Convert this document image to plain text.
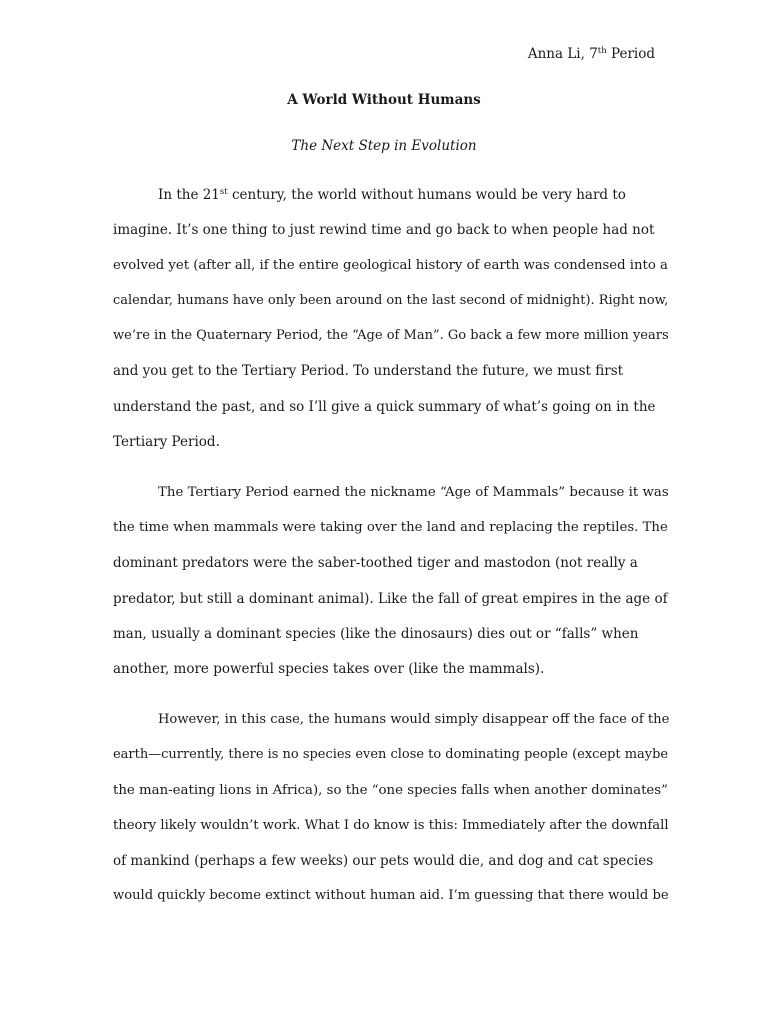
Anna Li, 7th Period
A World Without Humans
The Next Step in Evolution
In the 21st century, the world without humans would be very hard to
imagine. It’s one thing to just rewind time and go back to when people had not
evolved yet (after all, if the entire geological history of earth was condensed into a
calendar, humans have only been around on the last second of midnight). Right now,
we’re in the Quaternary Period, the “Age of Man”. Go back a few more million years
and you get to the Tertiary Period. To understand the future, we must first
understand the past, and so I’ll give a quick summary of what’s going on in the
Tertiary Period.
The Tertiary Period earned the nickname “Age of Mammals” because it was
the time when mammals were taking over the land and replacing the reptiles. The
dominant predators were the saber-toothed tiger and mastodon (not really a
predator, but still a dominant animal). Like the fall of great empires in the age of
man, usually a dominant species (like the dinosaurs) dies out or “falls” when
another, more powerful species takes over (like the mammals).
However, in this case, the humans would simply disappear off the face of the
earth—currently, there is no species even close to dominating people (except maybe
the man-eating lions in Africa), so the “one species falls when another dominates”
theory likely wouldn’t work. What I do know is this: Immediately after the downfall
of mankind (perhaps a few weeks) our pets would die, and dog and cat species
would quickly become extinct without human aid. I’m guessing that there would be
